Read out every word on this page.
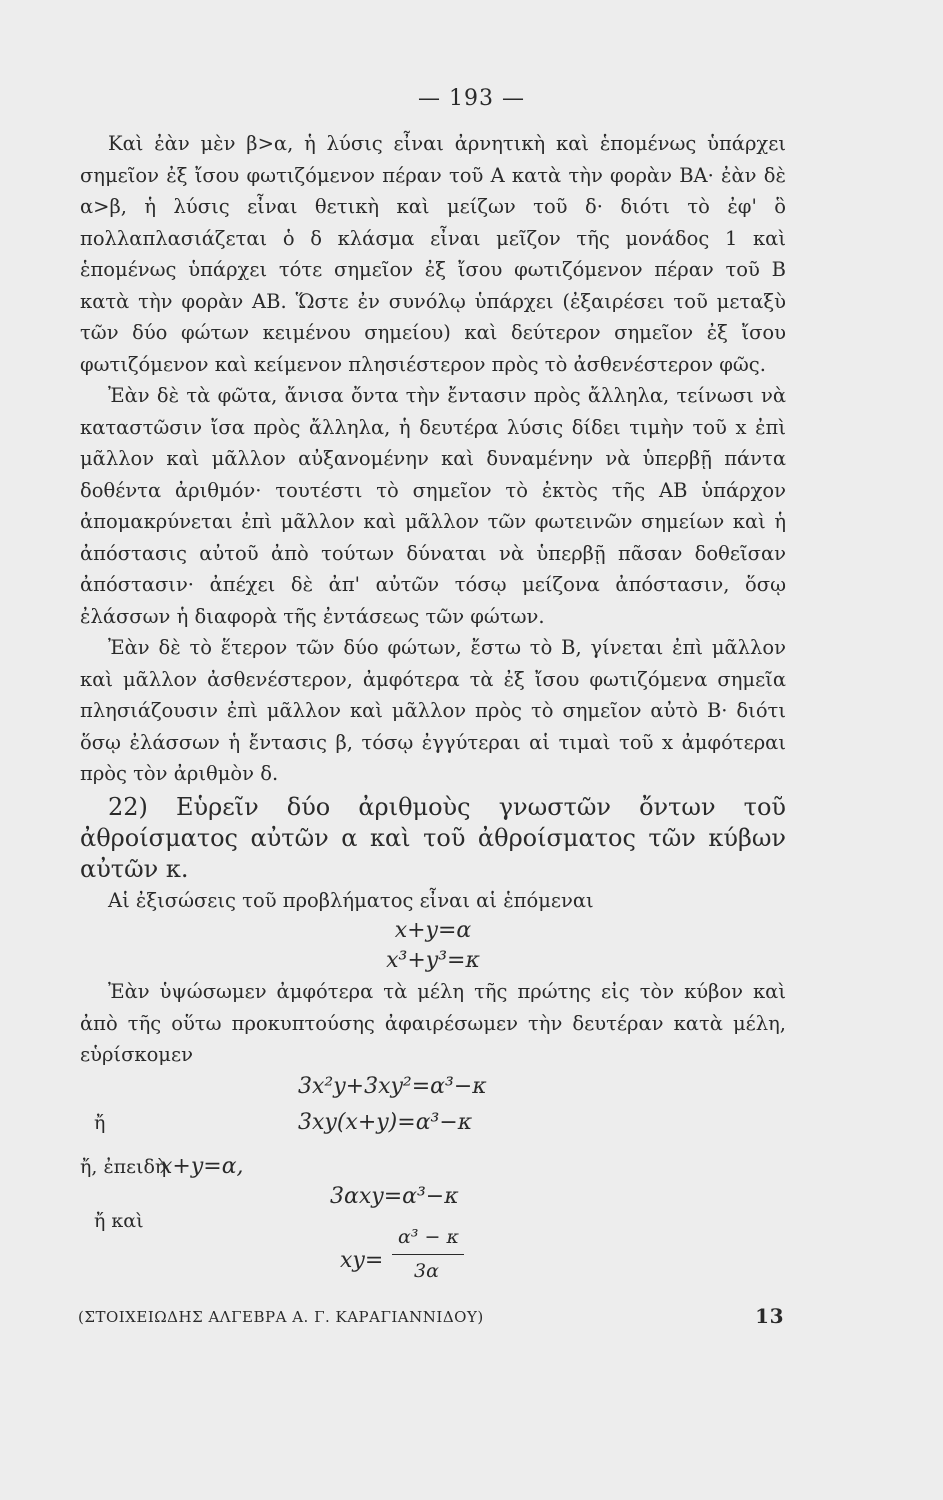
— 193 —

Καὶ ἐὰν μὲν β>α, ἡ λύσις εἶναι ἀρνητικὴ καὶ ἑπομένως ὑπάρχει σημεῖον ἐξ ἴσου φωτιζόμενον πέραν τοῦ Α κατὰ τὴν φορὰν ΒΑ· ἐὰν δὲ α>β, ἡ λύσις εἶναι θετικὴ καὶ μείζων τοῦ δ· διότι τὸ ἐφ' ὃ πολλαπλασιάζεται ὁ δ κλάσμα εἶναι μεῖζον τῆς μονάδος 1 καὶ ἑπομένως ὑπάρχει τότε σημεῖον ἐξ ἴσου φωτιζόμενον πέραν τοῦ Β κατὰ τὴν φορὰν ΑΒ. Ὥστε ἐν συνόλῳ ὑπάρχει (ἐξαιρέσει τοῦ μεταξὺ τῶν δύο φώτων κειμένου σημείου) καὶ δεύτερον σημεῖον ἐξ ἴσου φωτιζόμενον καὶ κείμενον πλησιέστερον πρὸς τὸ ἀσθενέστερον φῶς.

Ἐὰν δὲ τὰ φῶτα, ἄνισα ὄντα τὴν ἔντασιν πρὸς ἄλληλα, τείνωσι νὰ καταστῶσιν ἴσα πρὸς ἄλληλα, ἡ δευτέρα λύσις δίδει τιμὴν τοῦ x ἐπὶ μᾶλλον καὶ μᾶλλον αὐξανομένην καὶ δυναμένην νὰ ὑπερβῇ πάντα δοθέντα ἀριθμόν· τουτέστι τὸ σημεῖον τὸ ἐκτὸς τῆς ΑΒ ὑπάρχον ἀπομακρύνεται ἐπὶ μᾶλλον καὶ μᾶλλον τῶν φωτεινῶν σημείων καὶ ἡ ἀπόστασις αὐτοῦ ἀπὸ τούτων δύναται νὰ ὑπερβῇ πᾶσαν δοθεῖσαν ἀπόστασιν· ἀπέχει δὲ ἀπ' αὐτῶν τόσῳ μείζονα ἀπόστασιν, ὅσῳ ἐλάσσων ἡ διαφορὰ τῆς ἐντάσεως τῶν φώτων.

Ἐὰν δὲ τὸ ἕτερον τῶν δύο φώτων, ἔστω τὸ Β, γίνεται ἐπὶ μᾶλλον καὶ μᾶλλον ἀσθενέστερον, ἀμφότερα τὰ ἐξ ἴσου φωτιζόμενα σημεῖα πλησιάζουσιν ἐπὶ μᾶλλον καὶ μᾶλλον πρὸς τὸ σημεῖον αὐτὸ Β· διότι ὅσῳ ἐλάσσων ἡ ἔντασις β, τόσῳ ἐγγύτεραι αἱ τιμαὶ τοῦ x ἀμφότεραι πρὸς τὸν ἀριθμὸν δ.

22) Εὑρεῖν δύο ἀριθμοὺς γνωστῶν ὄντων τοῦ ἀθροίσματος αὐτῶν α καὶ τοῦ ἀθροίσματος τῶν κύβων αὐτῶν κ.

Αἱ ἐξισώσεις τοῦ προβλήματος εἶναι αἱ ἑπόμεναι

x+y=α
x³+y³=κ

Ἐὰν ὑψώσωμεν ἀμφότερα τὰ μέλη τῆς πρώτης εἰς τὸν κύβον καὶ ἀπὸ τῆς οὕτω προκυπτούσης ἀφαιρέσωμεν τὴν δευτέραν κατὰ μέλη, εὑρίσκομεν

3x²y+3xy²=α³−κ
ἤ	3xy(x+y)=α³−κ
ἤ, ἐπειδὴ
x+y=α,
3αxy=α³−κ
ἤ καὶ
xy=
α³ − κ
3α
(ΣΤΟΙΧΕΙΩΔΗΣ ΑΛΓΕΒΡΑ Α. Γ. ΚΑΡΑΓΙΑΝΝΙΔΟΥ)	13
